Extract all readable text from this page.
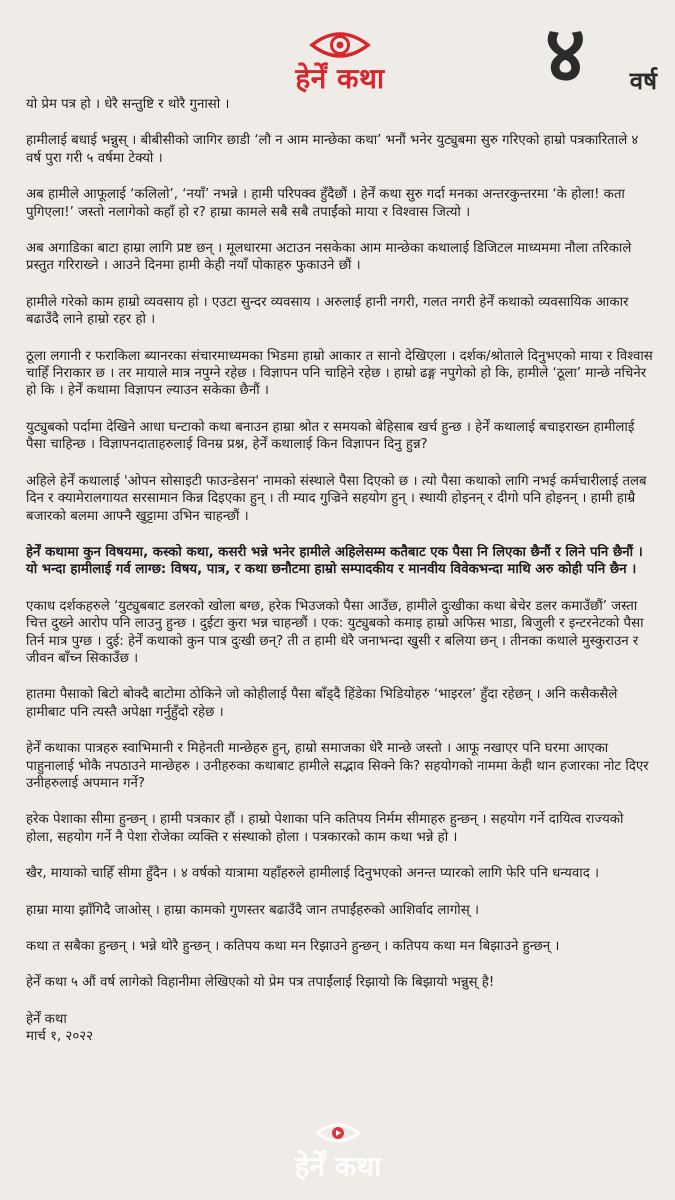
हेर्नें कथा	४ वर्ष

यो प्रेम पत्र हो । धेरै सन्तुष्टि र थोरै गुनासो ।

हामीलाई बधाई भन्नुस् । बीबीसीको जागिर छाडी ‘लौ न आम मान्छेका कथा’ भनौं भनेर युट्युबमा सुरु गरिएको हाम्रो पत्रकारिताले ४ वर्ष पुरा गरी ५ वर्षमा टेक्यो ।

अब हामीले आफूलाई ‘कलिलो’, ‘नयाँ’ नभन्ने । हामी परिपक्व हुँदैछौं । हेर्नें कथा सुरु गर्दा मनका अन्तरकुन्तरमा ‘के होला! कता पुगिएला!’ जस्तो नलागेको कहाँ हो र? हाम्रा कामले सबै सबै तपाईंको माया र विश्वास जित्यो ।

अब अगाडिका बाटा हाम्रा लागि प्रष्ट छन् । मूलधारमा अटाउन नसकेका आम मान्छेका कथालाई डिजिटल माध्यममा नौला तरिकाले प्रस्तुत गरिराख्ने । आउने दिनमा हामी केही नयाँ पोकाहरु फुकाउने छौं ।

हामीले गरेको काम हाम्रो व्यवसाय हो । एउटा सुन्दर व्यवसाय । अरुलाई हानी नगरी, गलत नगरी हेर्नें कथाको व्यवसायिक आकार बढाउँदै लाने हाम्रो रहर हो ।

ठूला लगानी र फराकिला ब्यानरका संचारमाध्यमका भिडमा हाम्रो आकार त सानो देखिएला । दर्शक/श्रोताले दिनुभएको माया र विश्वास चाहिँ निराकार छ । तर मायाले मात्र नपुग्ने रहेछ । विज्ञापन पनि चाहिने रहेछ । हाम्रो ढङ्ग नपुगेको हो कि, हामीले ‘ठूला’ मान्छे नचिनेर हो कि । हेर्नें कथामा विज्ञापन ल्याउन सकेका छैनौं ।

युट्युबको पर्दामा देखिने आधा घन्टाको कथा बनाउन हाम्रा श्रोत र समयको बेहिसाब खर्च हुन्छ । हेर्नें कथालाई बचाइराख्न हामीलाई पैसा चाहिन्छ । विज्ञापनदाताहरुलाई विनम्र प्रश्न, हेर्नें कथालाई किन विज्ञापन दिनु हुन्न?

अहिले हेर्नें कथालाई 'ओपन सोसाइटी फाउन्डेसन' नामको संस्थाले पैसा दिएको छ । त्यो पैसा कथाको लागि नभई कर्मचारीलाई तलब दिन र क्यामेरालगायत सरसामान किन्न दिइएका हुन् । ती म्याद गुज्रिने सहयोग हुन् । स्थायी होइनन् र दीगो पनि होइनन् । हामी हाम्रै बजारको बलमा आफ्नै खुट्टामा उभिन चाहन्छौं ।

हेर्नें कथामा कुन विषयमा, कस्को कथा, कसरी भन्ने भनेर हामीले अहिलेसम्म कतैबाट एक पैसा नि लिएका छैनौं र लिने पनि छैनौं । यो भन्दा हामीलाई गर्व लाग्छ: विषय, पात्र, र कथा छनौटमा हाम्रो सम्पादकीय र मानवीय विवेकभन्दा माथि अरु कोही पनि छैन ।

एकाध दर्शकहरुले ‘युट्युबबाट डलरको खोला बग्छ, हरेक भिउजको पैसा आउँछ, हामीले दुःखीका कथा बेचेर डलर कमाउँछौं’ जस्ता चित्त दुख्ने आरोप पनि लाउनु हुन्छ । दुईटा कुरा भन्न चाहन्छौं । एक: युट्युबको कमाइ हाम्रो अफिस भाडा, बिजुली र इन्टरनेटको पैसा तिर्न मात्र पुग्छ । दुई: हेर्नें कथाको कुन पात्र दुःखी छन्? ती त हामी धेरै जनाभन्दा खुसी र बलिया छन् । तीनका कथाले मुस्कुराउन र जीवन बाँच्न सिकाउँछ ।

हातमा पैसाको बिटो बोक्दै बाटोमा ठोकिने जो कोहीलाई पैसा बाँड्दै हिंडेका भिडियोहरु ‘भाइरल’ हुँदा रहेछन् । अनि कसैकसैले हामीबाट पनि त्यस्तै अपेक्षा गर्नुहुँदो रहेछ ।

हेर्नें कथाका पात्रहरु स्वाभिमानी र मिहेनती मान्छेहरु हुन्, हाम्रो समाजका धेरै मान्छे जस्तो । आफू नखाएर पनि घरमा आएका पाहुनालाई भोकै नपठाउने मान्छेहरु । उनीहरुका कथाबाट हामीले सद्भाव सिक्ने कि? सहयोगको नाममा केही थान हजारका नोट दिएर उनीहरुलाई अपमान गर्ने?

हरेक पेशाका सीमा हुन्छन् । हामी पत्रकार हौं । हाम्रो पेशाका पनि कतिपय निर्मम सीमाहरु हुन्छन् । सहयोग गर्ने दायित्व राज्यको होला, सहयोग गर्ने नै पेशा रोजेका व्यक्ति र संस्थाको होला । पत्रकारको काम कथा भन्ने हो ।

खैर, मायाको चाहिँ सीमा हुँदैन । ४ वर्षको यात्रामा यहाँहरुले हामीलाई दिनुभएको अनन्त प्यारको लागि फेरि पनि धन्यवाद ।

हाम्रा माया झाँगिदै जाओस् । हाम्रा कामको गुणस्तर बढाउँदै जान तपाईंहरुको आशिर्वाद लागोस् ।

कथा त सबैका हुन्छन् । भन्ने थोरै हुन्छन् । कतिपय कथा मन रिझाउने हुन्छन् । कतिपय कथा मन बिझाउने हुन्छन् ।

हेर्नें कथा ५ औं वर्ष लागेको विहानीमा लेखिएको यो प्रेम पत्र तपाईंलाई रिझायो कि बिझायो भन्नुस् है!

हेर्नें कथा

मार्च १, २०२२

हेर्नें कथा
